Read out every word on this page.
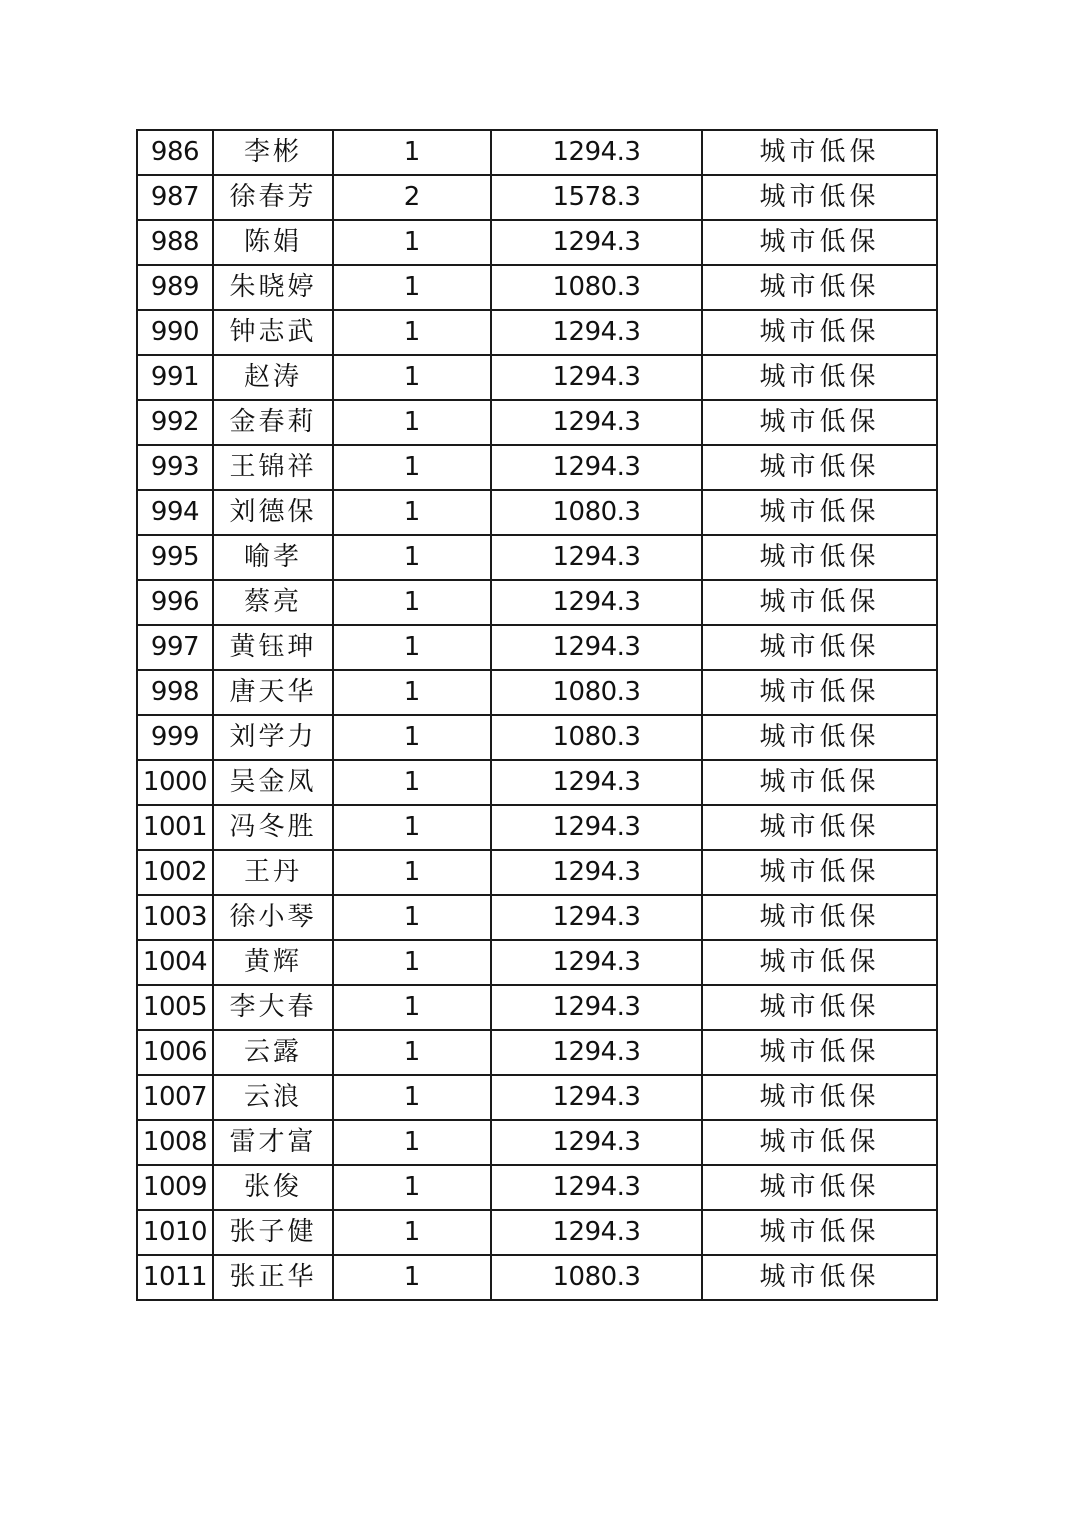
986	李彬	1	1294.3	城市低保
987	徐春芳	2	1578.3	城市低保
988	陈娟	1	1294.3	城市低保
989	朱晓婷	1	1080.3	城市低保
990	钟志武	1	1294.3	城市低保
991	赵涛	1	1294.3	城市低保
992	金春莉	1	1294.3	城市低保
993	王锦祥	1	1294.3	城市低保
994	刘德保	1	1080.3	城市低保
995	喻孝	1	1294.3	城市低保
996	蔡亮	1	1294.3	城市低保
997	黄钰珅	1	1294.3	城市低保
998	唐天华	1	1080.3	城市低保
999	刘学力	1	1080.3	城市低保
1000	吴金凤	1	1294.3	城市低保
1001	冯冬胜	1	1294.3	城市低保
1002	王丹	1	1294.3	城市低保
1003	徐小琴	1	1294.3	城市低保
1004	黄辉	1	1294.3	城市低保
1005	李大春	1	1294.3	城市低保
1006	云露	1	1294.3	城市低保
1007	云浪	1	1294.3	城市低保
1008	雷才富	1	1294.3	城市低保
1009	张俊	1	1294.3	城市低保
1010	张子健	1	1294.3	城市低保
1011	张正华	1	1080.3	城市低保
